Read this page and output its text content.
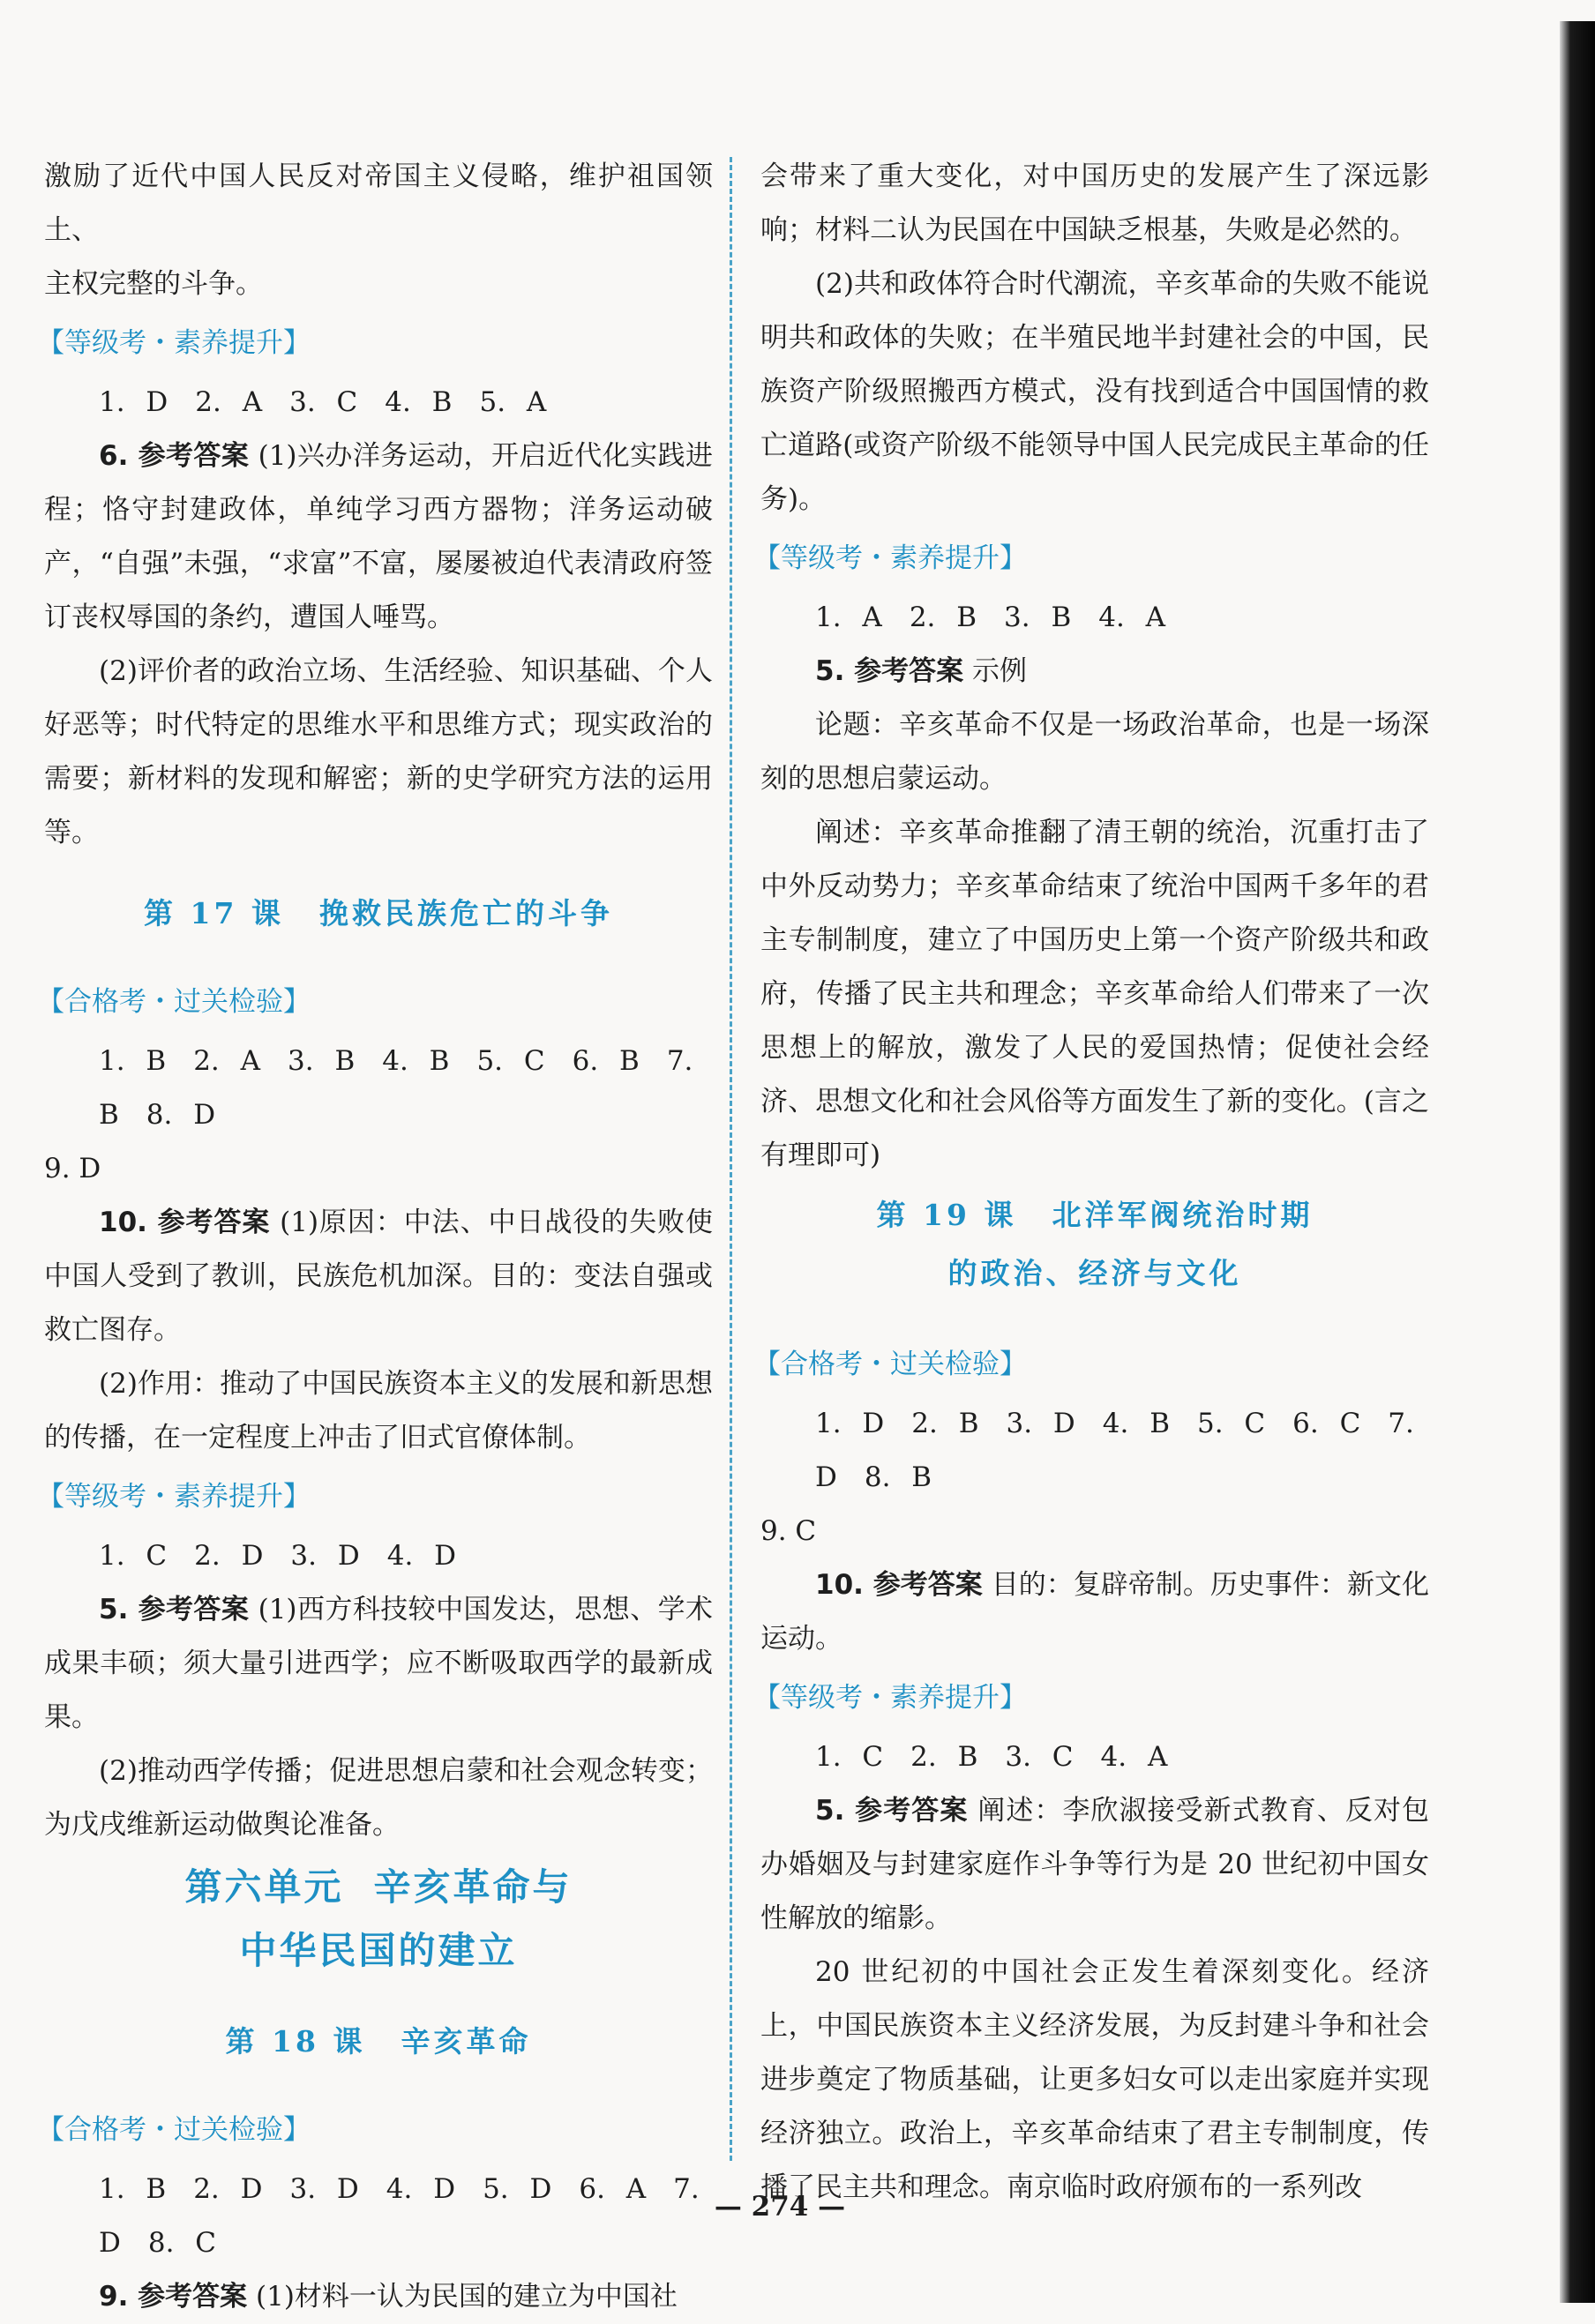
激励了近代中国人民反对帝国主义侵略，维护祖国领土、
主权完整的斗争。

【等级考・素养提升】

1. D　2. A　3. C　4. B　5. A

6. 参考答案 (1)兴办洋务运动，开启近代化实践进程；恪守封建政体，单纯学习西方器物；洋务运动破产，“自强”未强，“求富”不富，屡屡被迫代表清政府签订丧权辱国的条约，遭国人唾骂。

(2)评价者的政治立场、生活经验、知识基础、个人好恶等；时代特定的思维水平和思维方式；现实政治的需要；新材料的发现和解密；新的史学研究方法的运用等。

第 17 课 挽救民族危亡的斗争

【合格考・过关检验】

1. B　2. A　3. B　4. B　5. C　6. B　7. B　8. D

9. D

10. 参考答案 (1)原因：中法、中日战役的失败使中国人受到了教训，民族危机加深。目的：变法自强或救亡图存。

(2)作用：推动了中国民族资本主义的发展和新思想的传播，在一定程度上冲击了旧式官僚体制。

【等级考・素养提升】

1. C　2. D　3. D　4. D

5. 参考答案 (1)西方科技较中国发达，思想、学术成果丰硕；须大量引进西学；应不断吸取西学的最新成果。

(2)推动西学传播；促进思想启蒙和社会观念转变；为戊戌维新运动做舆论准备。

第六单元 辛亥革命与
中华民国的建立

第 18 课 辛亥革命

【合格考・过关检验】

1. B　2. D　3. D　4. D　5. D　6. A　7. D　8. C

9. 参考答案 (1)材料一认为民国的建立为中国社

会带来了重大变化，对中国历史的发展产生了深远影响；材料二认为民国在中国缺乏根基，失败是必然的。

(2)共和政体符合时代潮流，辛亥革命的失败不能说明共和政体的失败；在半殖民地半封建社会的中国，民族资产阶级照搬西方模式，没有找到适合中国国情的救亡道路(或资产阶级不能领导中国人民完成民主革命的任务)。

【等级考・素养提升】

1. A　2. B　3. B　4. A

5. 参考答案 示例

论题：辛亥革命不仅是一场政治革命，也是一场深刻的思想启蒙运动。

阐述：辛亥革命推翻了清王朝的统治，沉重打击了中外反动势力；辛亥革命结束了统治中国两千多年的君主专制制度，建立了中国历史上第一个资产阶级共和政府，传播了民主共和理念；辛亥革命给人们带来了一次思想上的解放，激发了人民的爱国热情；促使社会经济、思想文化和社会风俗等方面发生了新的变化。(言之有理即可)

第 19 课 北洋军阀统治时期
的政治、经济与文化

【合格考・过关检验】

1. D　2. B　3. D　4. B　5. C　6. C　7. D　8. B

9. C

10. 参考答案 目的：复辟帝制。历史事件：新文化运动。

【等级考・素养提升】

1. C　2. B　3. C　4. A

5. 参考答案 阐述：李欣淑接受新式教育、反对包办婚姻及与封建家庭作斗争等行为是 20 世纪初中国女性解放的缩影。

20 世纪初的中国社会正发生着深刻变化。经济上，中国民族资本主义经济发展，为反封建斗争和社会进步奠定了物质基础，让更多妇女可以走出家庭并实现经济独立。政治上，辛亥革命结束了君主专制制度，传播了民主共和理念。南京临时政府颁布的一系列改

— 274 —
